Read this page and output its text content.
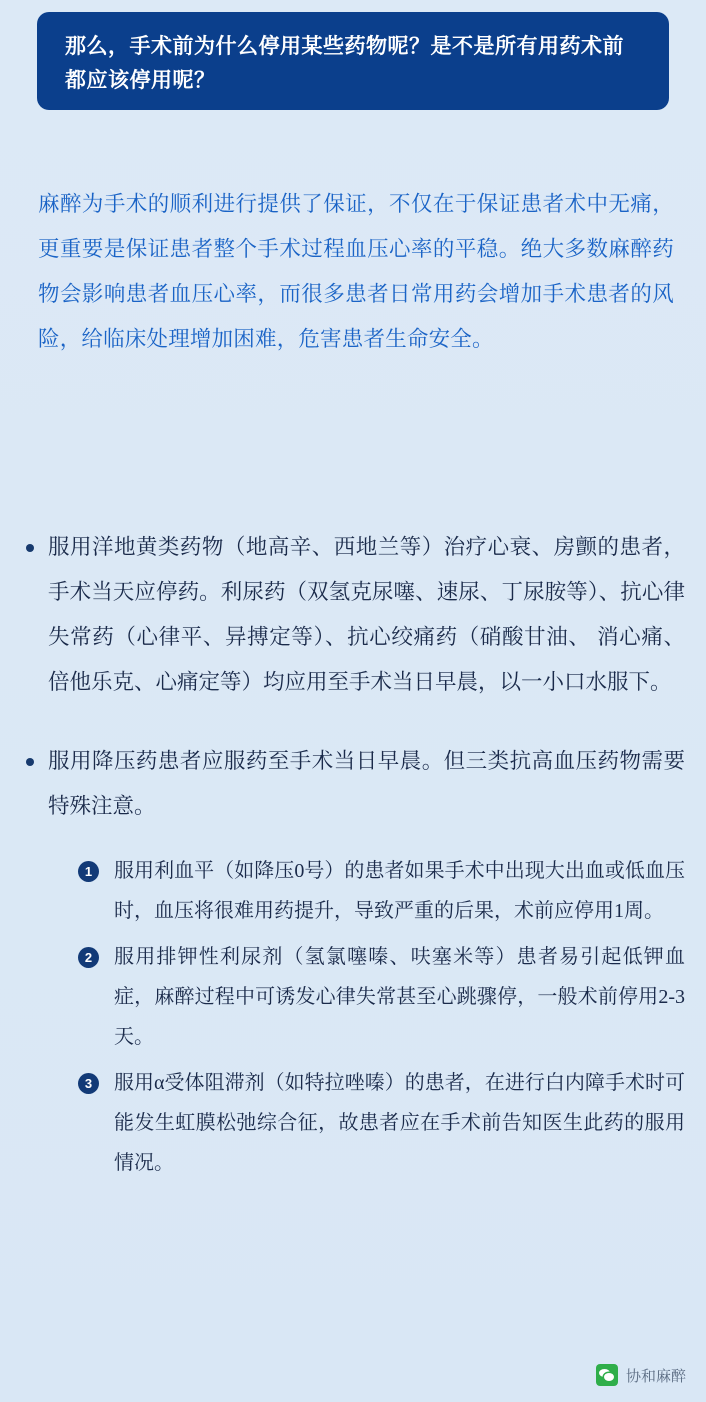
那么，手术前为什么停用某些药物呢？是不是所有用药术前都应该停用呢？
麻醉为手术的顺利进行提供了保证，不仅在于保证患者术中无痛，更重要是保证患者整个手术过程血压心率的平稳。绝大多数麻醉药物会影响患者血压心率，而很多患者日常用药会增加手术患者的风险，给临床处理增加困难，危害患者生命安全。
服用洋地黄类药物（地高辛、西地兰等）治疗心衰、房颤的患者，手术当天应停药。利尿药（双氢克尿噻、速尿、丁尿胺等）、抗心律失常药（心律平、异搏定等）、抗心绞痛药（硝酸甘油、 消心痛、倍他乐克、心痛定等）均应用至手术当日早晨，以一小口水服下。
服用降压药患者应服药至手术当日早晨。但三类抗高血压药物需要特殊注意。
1	服用利血平（如降压0号）的患者如果手术中出现大出血或低血压时，血压将很难用药提升，导致严重的后果，术前应停用1周。
2	服用排钾性利尿剂（氢氯噻嗪、呋塞米等）患者易引起低钾血症，麻醉过程中可诱发心律失常甚至心跳骤停，一般术前停用2-3天。
3	服用α受体阻滞剂（如特拉唑嗪）的患者，在进行白内障手术时可能发生虹膜松弛综合征，故患者应在手术前告知医生此药的服用情况。
协和麻醉
